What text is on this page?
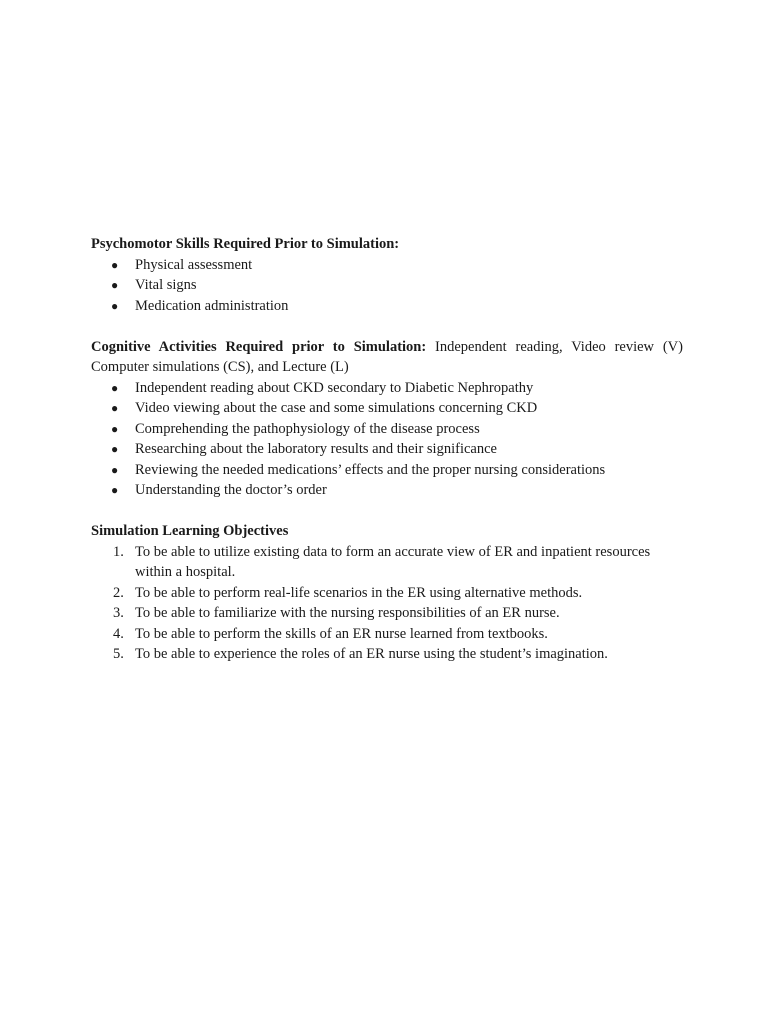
Psychomotor Skills Required Prior to Simulation:
● Physical assessment
● Vital signs
● Medication administration

Cognitive Activities Required prior to Simulation: Independent reading, Video review (V) Computer simulations (CS), and Lecture (L)

● Independent reading about CKD secondary to Diabetic Nephropathy
● Video viewing about the case and some simulations concerning CKD
● Comprehending the pathophysiology of the disease process
● Researching about the laboratory results and their significance
● Reviewing the needed medications’ effects and the proper nursing considerations
● Understanding the doctor’s order
Simulation Learning Objectives
1. To be able to utilize existing data to form an accurate view of ER and inpatient resources within a hospital.
2. To be able to perform real-life scenarios in the ER using alternative methods.
3. To be able to familiarize with the nursing responsibilities of an ER nurse.
4. To be able to perform the skills of an ER nurse learned from textbooks.
5. To be able to experience the roles of an ER nurse using the student’s imagination.
